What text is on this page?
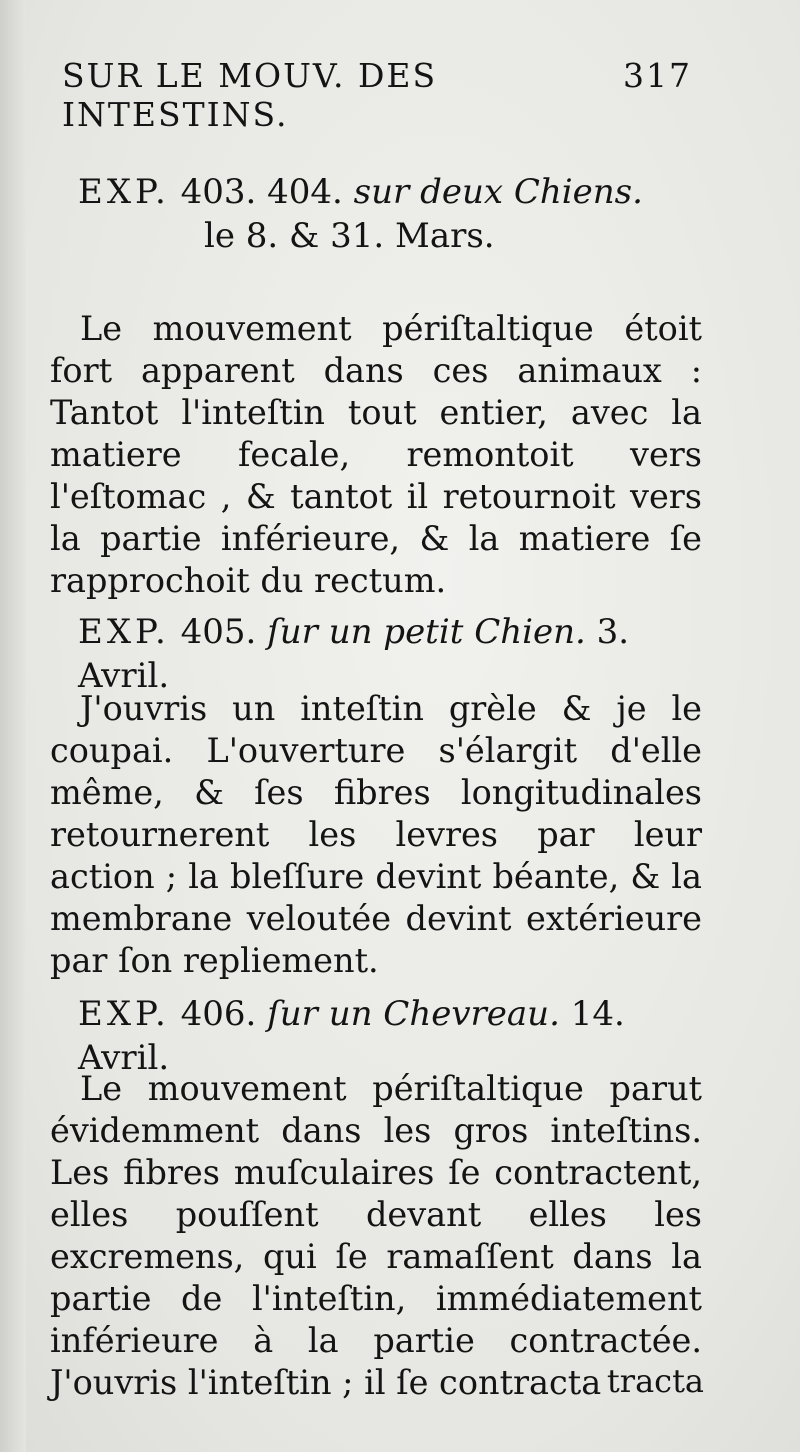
SUR LE MOUV. DES INTESTINS.
317
EXP. 403. 404. sur deux Chiens.
le 8. & 31. Mars.
Le mouvement périſtaltique étoit fort apparent dans ces animaux : Tantot l'inteſtin tout entier, avec la matiere fecale, remontoit vers l'eſtomac , & tantot il retournoit vers la partie inférieure, & la matiere ſe rapprochoit du rectum.
EXP. 405. ſur un petit Chien. 3. Avril.
J'ouvris un inteſtin grèle & je le coupai. L'ouverture s'élargit d'elle même, & ſes fibres longitudinales retournerent les levres par leur action ; la bleſſure devint béante, & la membrane veloutée devint extérieure par ſon repliement.
EXP. 406. ſur un Chevreau. 14. Avril.
Le mouvement périſtaltique parut évidemment dans les gros inteſtins. Les fibres muſculaires ſe contractent, elles pouſſent devant elles les excremens, qui ſe ramaſſent dans la partie de l'inteſtin, immédiatement inférieure à la partie contractée. J'ouvris l'inteſtin ; il ſe contracta tracta
